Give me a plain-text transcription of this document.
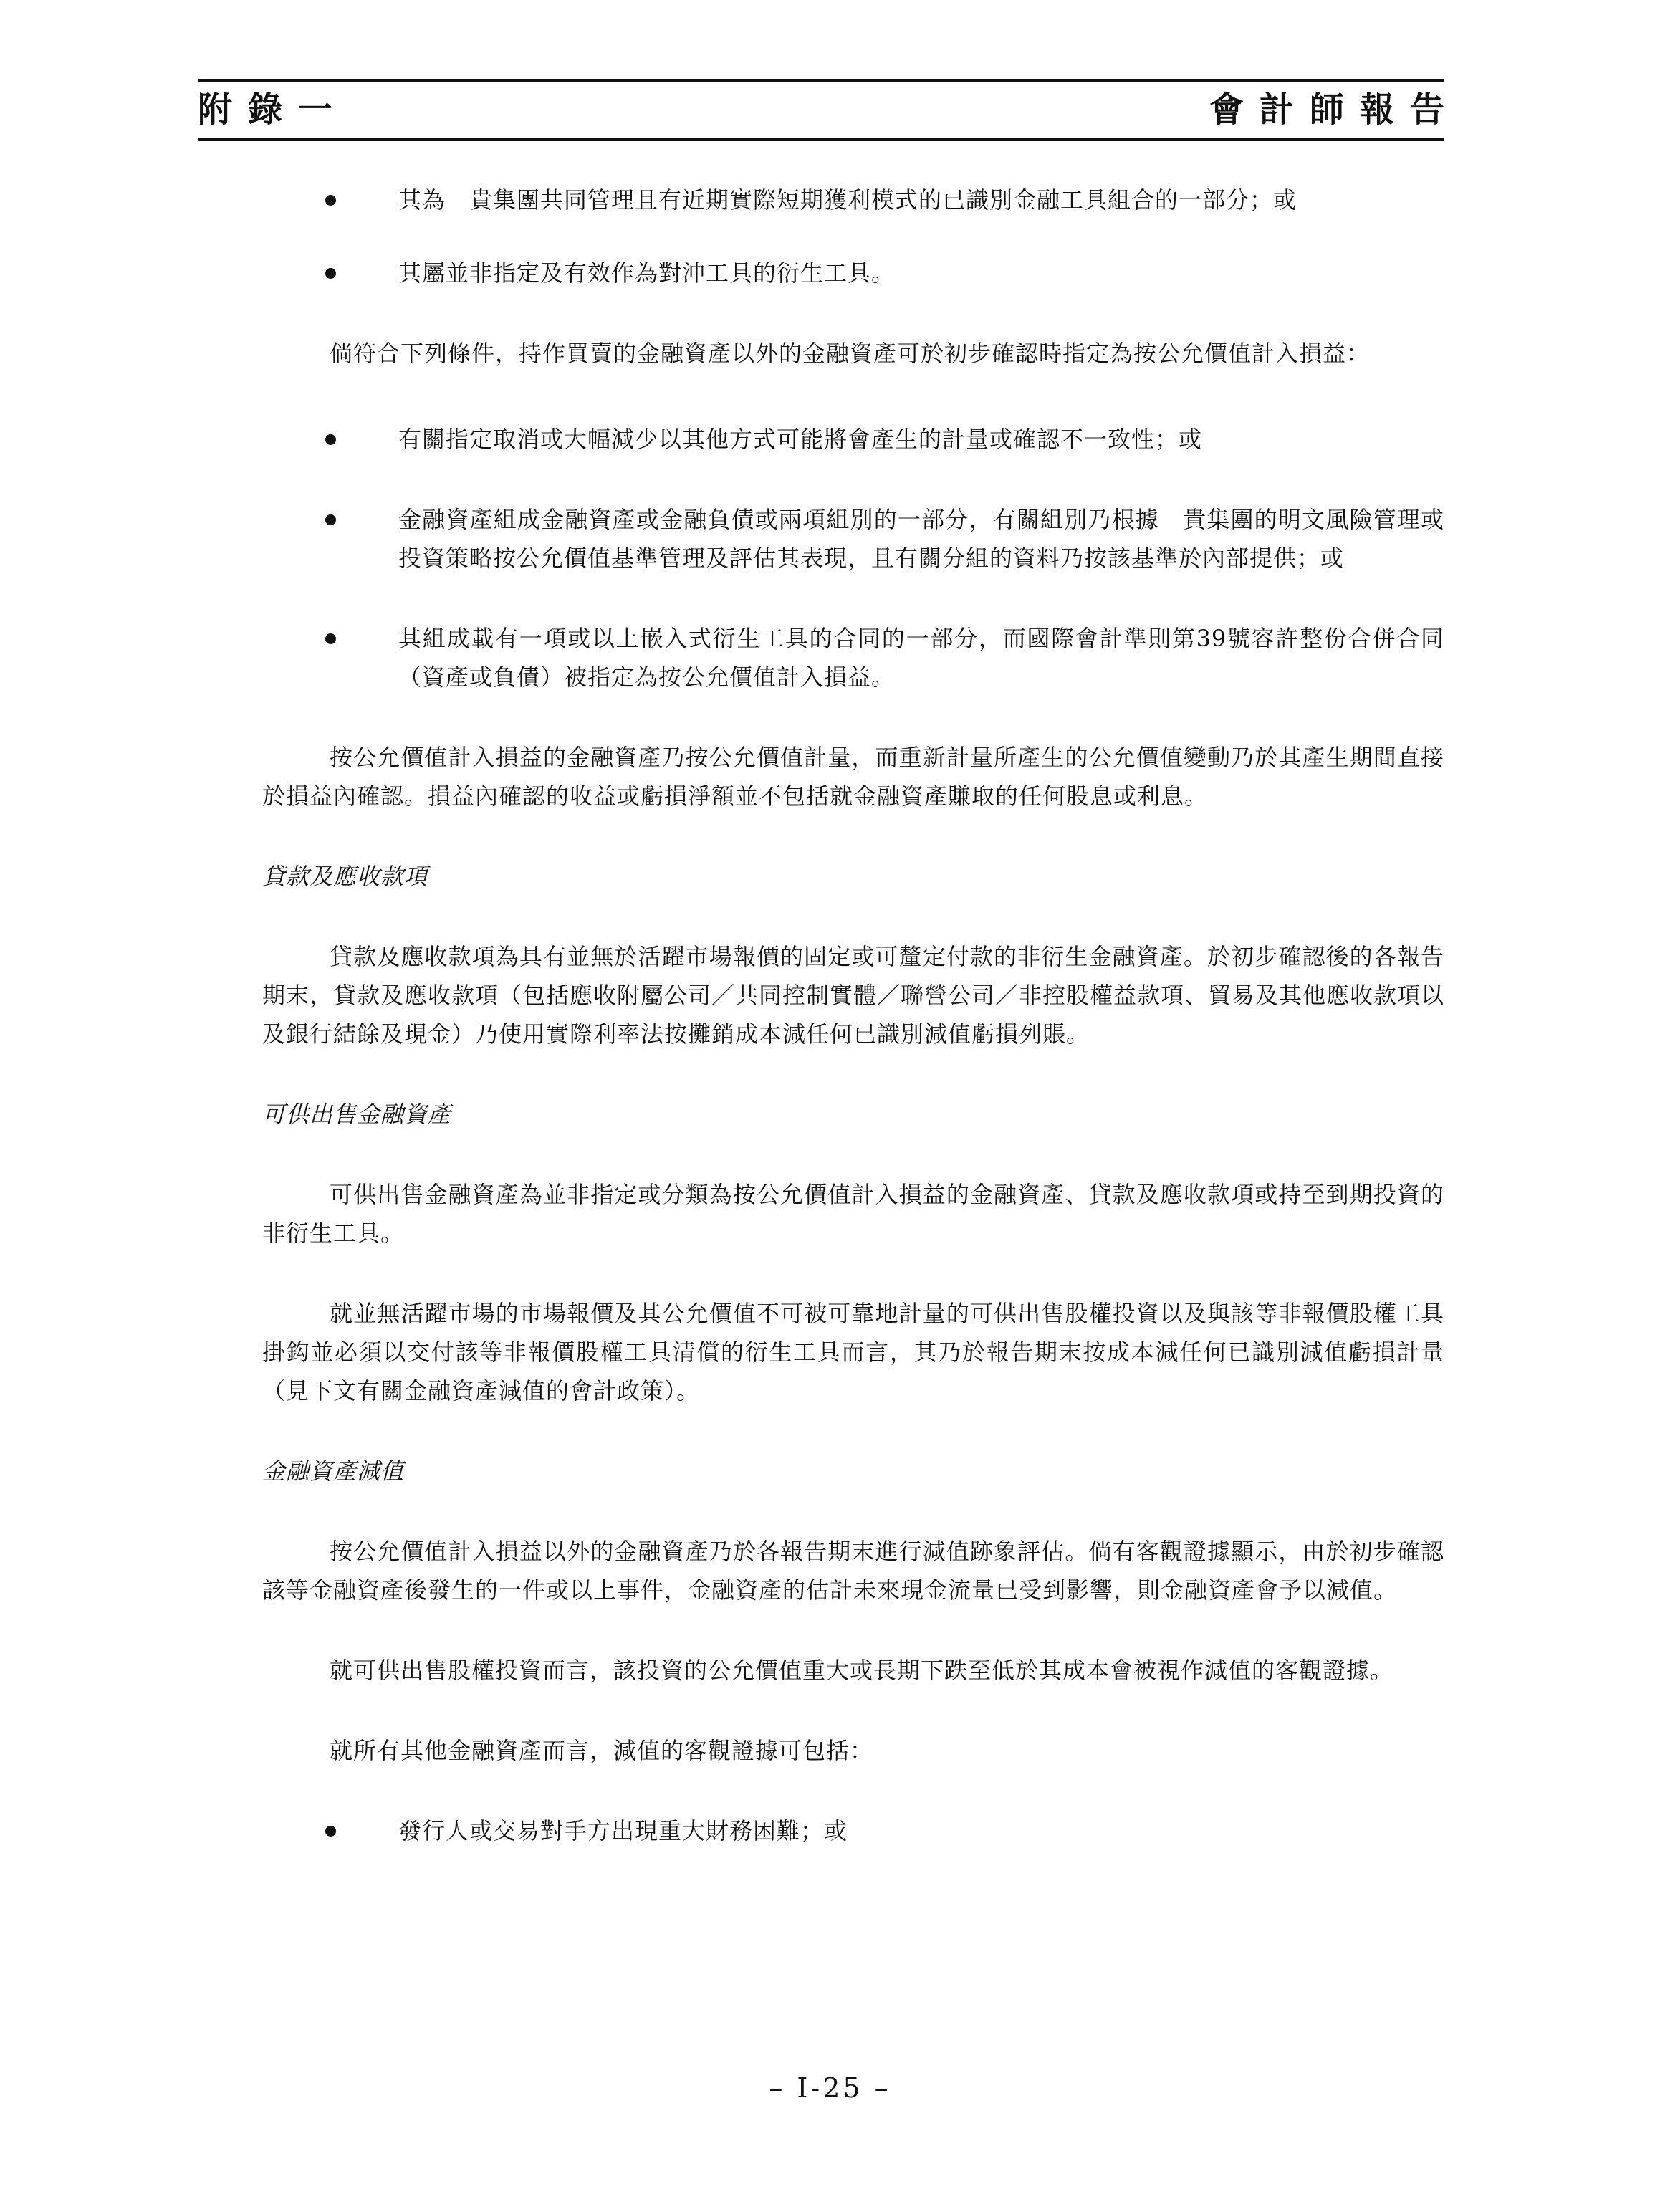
附錄一	會計師報告
其為　貴集團共同管理且有近期實際短期獲利模式的已識別金融工具組合的一部分；或
其屬並非指定及有效作為對沖工具的衍生工具。

倘符合下列條件，持作買賣的金融資產以外的金融資產可於初步確認時指定為按公允價值計入損益：

有關指定取消或大幅減少以其他方式可能將會產生的計量或確認不一致性；或
金融資產組成金融資產或金融負債或兩項組別的一部分，有關組別乃根據　貴集團的明文風險管理或投資策略按公允價值基準管理及評估其表現，且有關分組的資料乃按該基準於內部提供；或
其組成載有一項或以上嵌入式衍生工具的合同的一部分，而國際會計準則第39號容許整份合併合同（資產或負債）被指定為按公允價值計入損益。

按公允價值計入損益的金融資產乃按公允價值計量，而重新計量所產生的公允價值變動乃於其產生期間直接於損益內確認。損益內確認的收益或虧損淨額並不包括就金融資產賺取的任何股息或利息。

貸款及應收款項

貸款及應收款項為具有並無於活躍市場報價的固定或可釐定付款的非衍生金融資產。於初步確認後的各報告期末，貸款及應收款項（包括應收附屬公司／共同控制實體／聯營公司／非控股權益款項、貿易及其他應收款項以及銀行結餘及現金）乃使用實際利率法按攤銷成本減任何已識別減值虧損列賬。

可供出售金融資產

可供出售金融資產為並非指定或分類為按公允價值計入損益的金融資產、貸款及應收款項或持至到期投資的非衍生工具。

就並無活躍市場的市場報價及其公允價值不可被可靠地計量的可供出售股權投資以及與該等非報價股權工具掛鈎並必須以交付該等非報價股權工具清償的衍生工具而言，其乃於報告期末按成本減任何已識別減值虧損計量（見下文有關金融資產減值的會計政策）。

金融資產減值

按公允價值計入損益以外的金融資產乃於各報告期末進行減值跡象評估。倘有客觀證據顯示，由於初步確認該等金融資產後發生的一件或以上事件，金融資產的估計未來現金流量已受到影響，則金融資產會予以減值。

就可供出售股權投資而言，該投資的公允價值重大或長期下跌至低於其成本會被視作減值的客觀證據。

就所有其他金融資產而言，減值的客觀證據可包括：

發行人或交易對手方出現重大財務困難；或
– I-25 –
